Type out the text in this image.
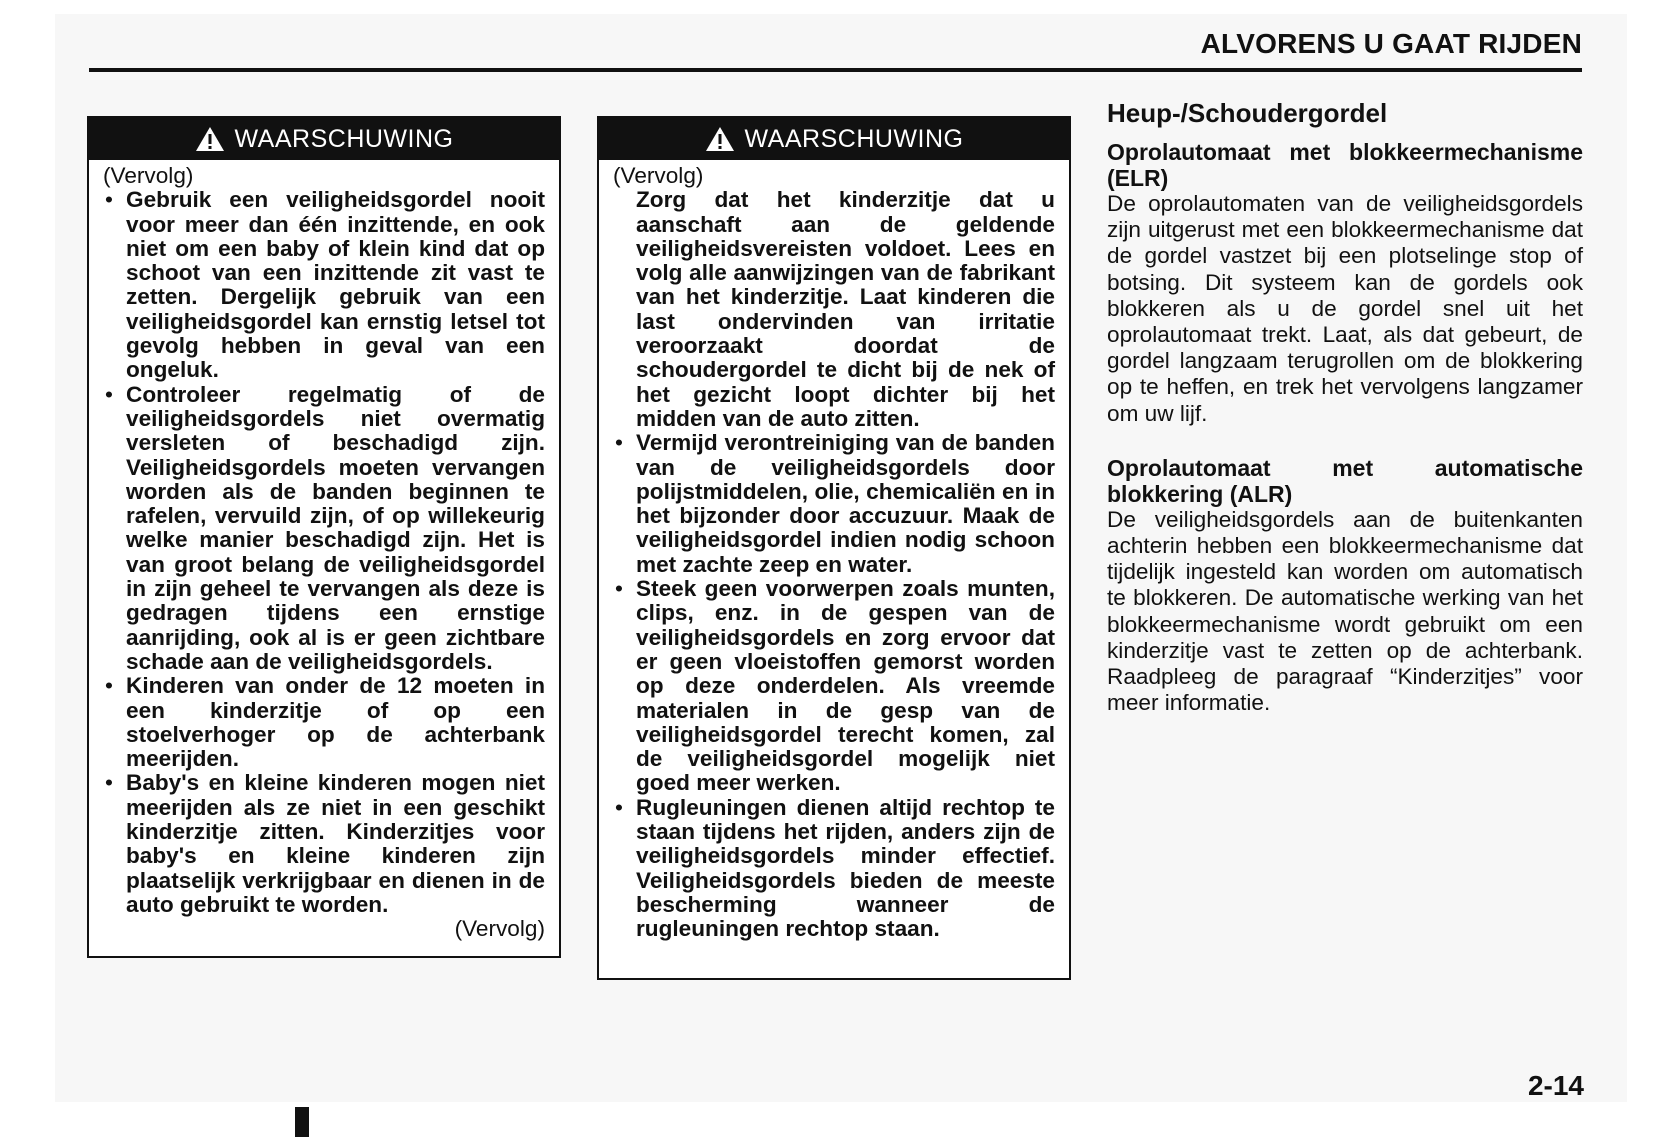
ALVORENS U GAAT RIJDEN
WAARSCHUWING

(Vervolg)

• Gebruik een veiligheidsgordel nooit voor meer dan één inzittende, en ook niet om een baby of klein kind dat op schoot van een inzittende zit vast te zetten. Dergelijk gebruik van een veiligheidsgordel kan ernstig letsel tot gevolg hebben in geval van een ongeluk.
• Controleer regelmatig of de veiligheidsgordels niet overmatig versleten of beschadigd zijn. Veiligheidsgordels moeten vervangen worden als de banden beginnen te rafelen, vervuild zijn, of op willekeurig welke manier beschadigd zijn. Het is van groot belang de veiligheidsgordel in zijn geheel te vervangen als deze is gedragen tijdens een ernstige aanrijding, ook al is er geen zichtbare schade aan de veiligheidsgordels.
• Kinderen van onder de 12 moeten in een kinderzitje of op een stoelverhoger op de achterbank meerijden.
• Baby's en kleine kinderen mogen niet meerijden als ze niet in een geschikt kinderzitje zitten. Kinderzitjes voor baby's en kleine kinderen zijn plaatselijk verkrijgbaar en dienen in de auto gebruikt te worden.

(Vervolg)

WAARSCHUWING

(Vervolg)

Zorg dat het kinderzitje dat u aanschaft aan de geldende veiligheidsvereisten voldoet. Lees en volg alle aanwijzingen van de fabrikant van het kinderzitje. Laat kinderen die last ondervinden van irritatie veroorzaakt doordat de schoudergordel te dicht bij de nek of het gezicht loopt dichter bij het midden van de auto zitten.

• Vermijd verontreiniging van de banden van de veiligheidsgordels door polijstmiddelen, olie, chemicaliën en in het bijzonder door accuzuur. Maak de veiligheidsgordel indien nodig schoon met zachte zeep en water.
• Steek geen voorwerpen zoals munten, clips, enz. in de gespen van de veiligheidsgordels en zorg ervoor dat er geen vloeistoffen gemorst worden op deze onderdelen. Als vreemde materialen in de gesp van de veiligheidsgordel terecht komen, zal de veiligheidsgordel mogelijk niet goed meer werken.
• Rugleuningen dienen altijd rechtop te staan tijdens het rijden, anders zijn de veiligheidsgordels minder effectief. Veiligheidsgordels bieden de meeste bescherming wanneer de rugleuningen rechtop staan.
Heup-/Schoudergordel
Oprolautomaat met blokkeermechanisme (ELR)

De oprolautomaten van de veiligheidsgordels zijn uitgerust met een blokkeermechanisme dat de gordel vastzet bij een plotselinge stop of botsing. Dit systeem kan de gordels ook blokkeren als u de gordel snel uit het oprolautomaat trekt. Laat, als dat gebeurt, de gordel langzaam terugrollen om de blokkering op te heffen, en trek het vervolgens langzamer om uw lijf.

Oprolautomaat met automatische blokkering (ALR)

De veiligheidsgordels aan de buitenkanten achterin hebben een blokkeermechanisme dat tijdelijk ingesteld kan worden om automatisch te blokkeren. De automatische werking van het blokkeermechanisme wordt gebruikt om een kinderzitje vast te zetten op de achterbank. Raadpleeg de paragraaf “Kinderzitjes” voor meer informatie.

2-14
